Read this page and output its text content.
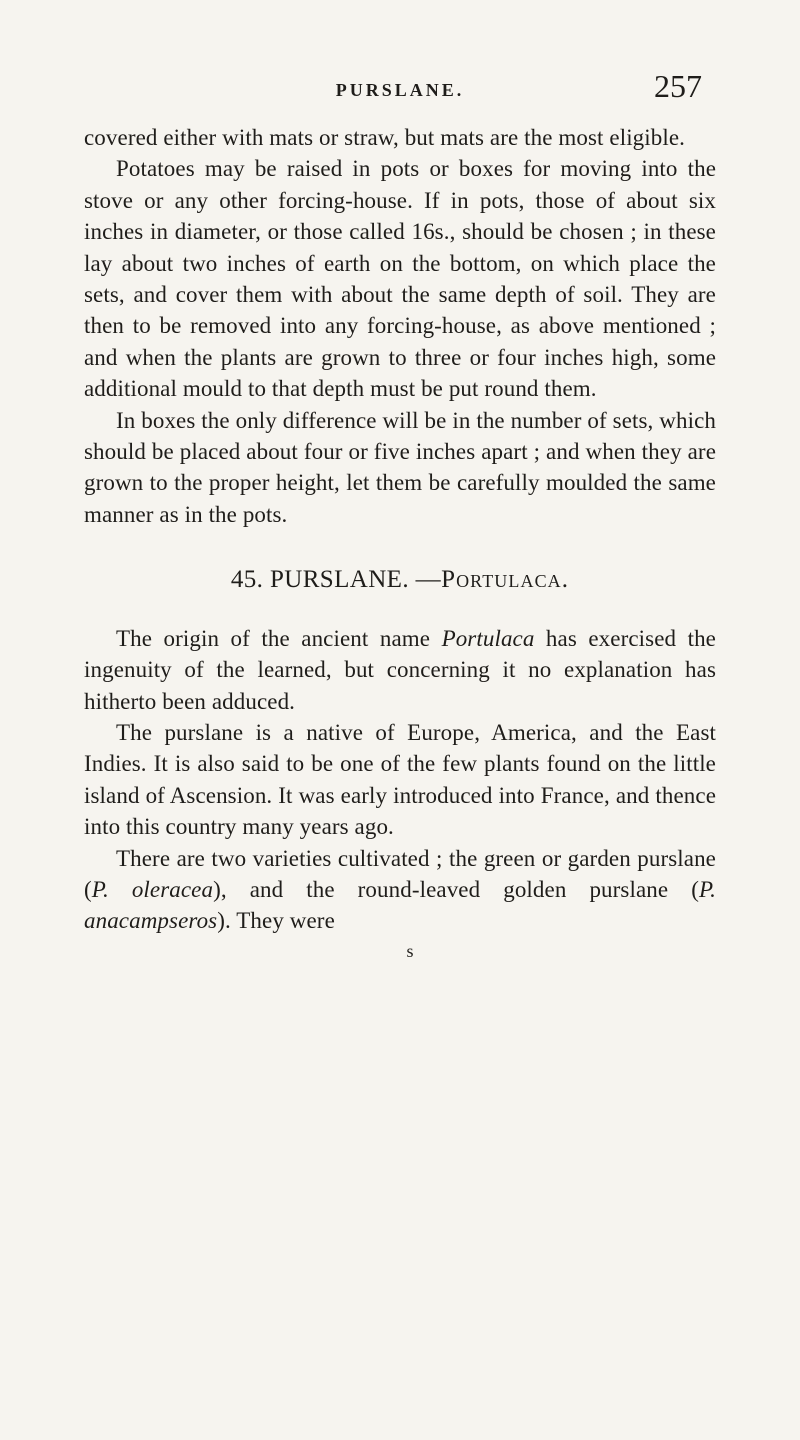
PURSLANE.	257

covered either with mats or straw, but mats are the most eligible.

Potatoes may be raised in pots or boxes for moving into the stove or any other forcing-house. If in pots, those of about six inches in diameter, or those called 16s., should be chosen ; in these lay about two inches of earth on the bottom, on which place the sets, and cover them with about the same depth of soil. They are then to be removed into any forcing-house, as above mentioned ; and when the plants are grown to three or four inches high, some additional mould to that depth must be put round them.

In boxes the only difference will be in the number of sets, which should be placed about four or five inches apart ; and when they are grown to the proper height, let them be carefully moulded the same manner as in the pots.

45. PURSLANE. —Portulaca.

The origin of the ancient name Portulaca has exercised the ingenuity of the learned, but concerning it no explanation has hitherto been adduced.

The purslane is a native of Europe, America, and the East Indies. It is also said to be one of the few plants found on the little island of Ascension. It was early introduced into France, and thence into this country many years ago.

There are two varieties cultivated ; the green or garden purslane (P. oleracea), and the round-leaved golden purslane (P. anacampseros). They were

s
